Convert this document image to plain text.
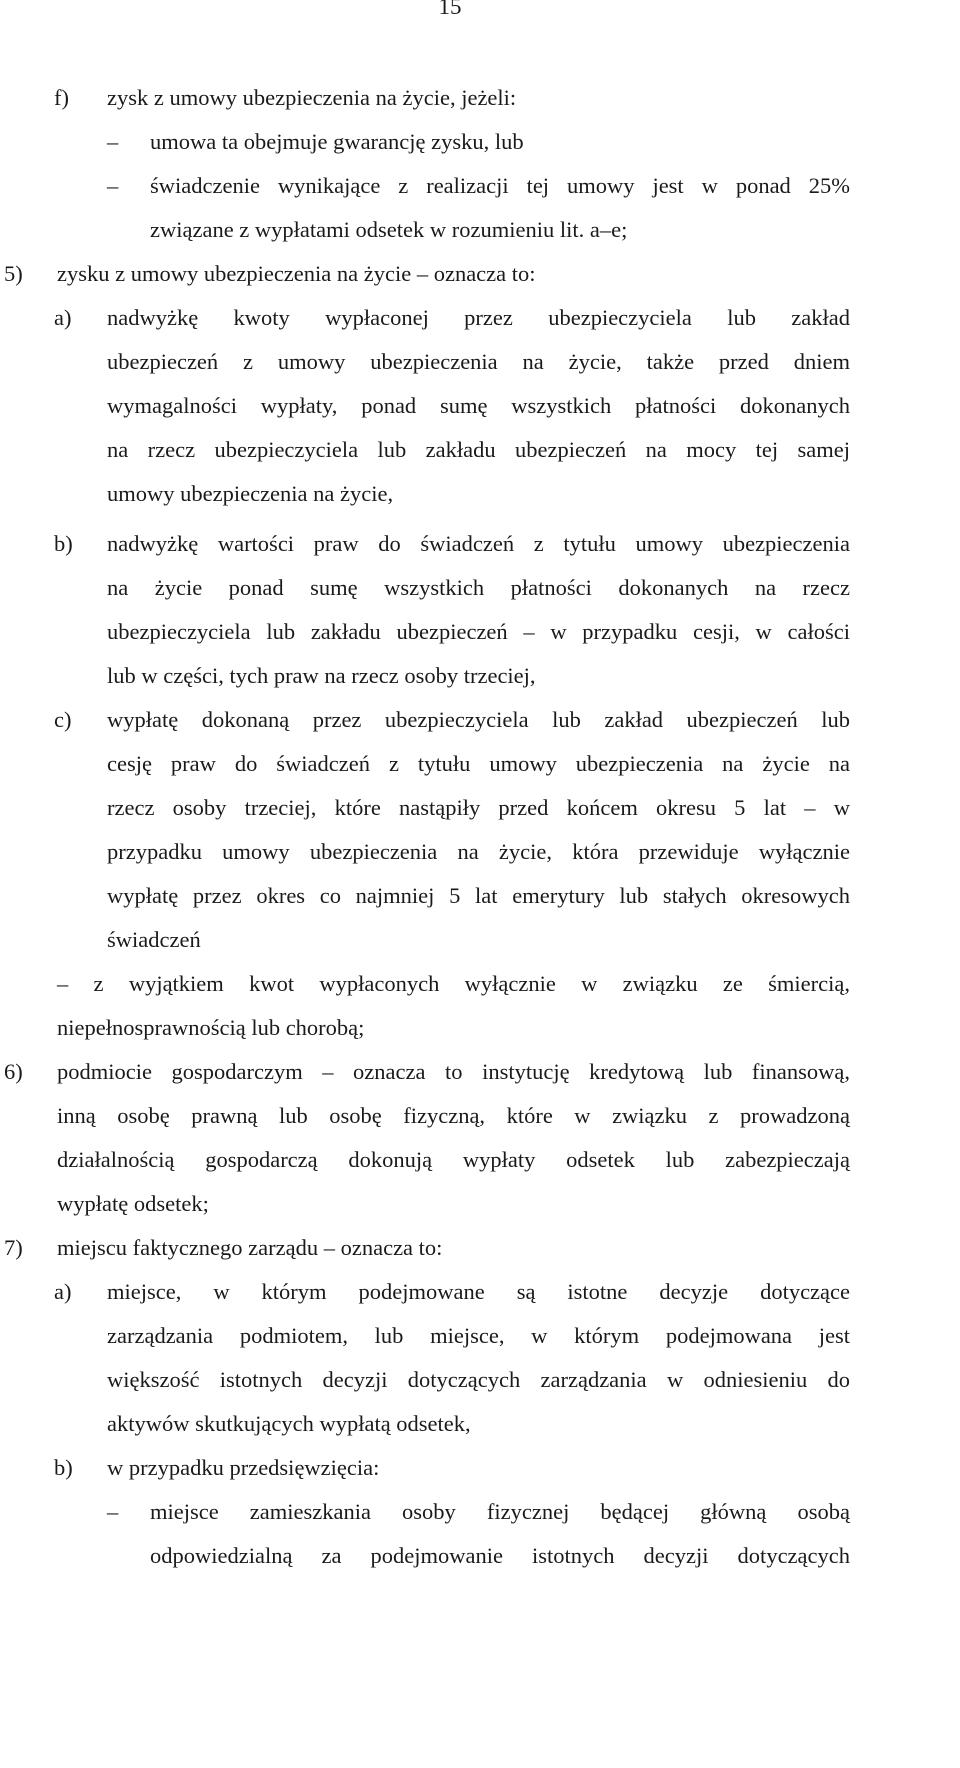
15
f) zysk z umowy ubezpieczenia na życie, jeżeli:
– umowa ta obejmuje gwarancję zysku, lub
– świadczenie wynikające z realizacji tej umowy jest w ponad 25%
związane z wypłatami odsetek w rozumieniu lit. a–e;
5) zysku z umowy ubezpieczenia na życie – oznacza to:
a) nadwyżkę kwoty wypłaconej przez ubezpieczyciela lub zakład
ubezpieczeń z umowy ubezpieczenia na życie, także przed dniem
wymagalności wypłaty, ponad sumę wszystkich płatności dokonanych
na rzecz ubezpieczyciela lub zakładu ubezpieczeń na mocy tej samej
umowy ubezpieczenia na życie,
b) nadwyżkę wartości praw do świadczeń z tytułu umowy ubezpieczenia
na życie ponad sumę wszystkich płatności dokonanych na rzecz
ubezpieczyciela lub zakładu ubezpieczeń – w przypadku cesji, w całości
lub w części, tych praw na rzecz osoby trzeciej,
c) wypłatę dokonaną przez ubezpieczyciela lub zakład ubezpieczeń lub
cesję praw do świadczeń z tytułu umowy ubezpieczenia na życie na
rzecz osoby trzeciej, które nastąpiły przed końcem okresu 5 lat – w
przypadku umowy ubezpieczenia na życie, która przewiduje wyłącznie
wypłatę przez okres co najmniej 5 lat emerytury lub stałych okresowych
świadczeń
– z wyjątkiem kwot wypłaconych wyłącznie w związku ze śmiercią,
niepełnosprawnością lub chorobą;
6) podmiocie gospodarczym – oznacza to instytucję kredytową lub finansową,
inną osobę prawną lub osobę fizyczną, które w związku z prowadzoną
działalnością gospodarczą dokonują wypłaty odsetek lub zabezpieczają
wypłatę odsetek;
7) miejscu faktycznego zarządu – oznacza to:
a) miejsce, w którym podejmowane są istotne decyzje dotyczące
zarządzania podmiotem, lub miejsce, w którym podejmowana jest
większość istotnych decyzji dotyczących zarządzania w odniesieniu do
aktywów skutkujących wypłatą odsetek,
b) w przypadku przedsięwzięcia:
– miejsce zamieszkania osoby fizycznej będącej główną osobą
odpowiedzialną za podejmowanie istotnych decyzji dotyczących
